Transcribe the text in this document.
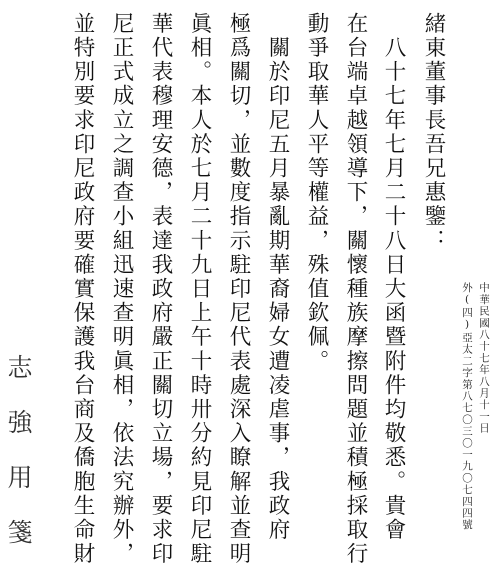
緒東董事長吾兄惠鑒：
　八十七年七月二十八日大函暨附件均敬悉。貴會
在台端卓越領導下，關懷種族摩擦問題並積極採取行
動爭取華人平等權益，殊值欽佩。
　關於印尼五月暴亂期華裔婦女遭凌虐事，我政府
極爲關切，並數度指示駐印尼代表處深入瞭解並查明
眞相。本人於七月二十九日上午十時卅分約見印尼駐
華代表穆理安德，表達我政府嚴正關切立場，要求印
尼正式成立之調查小組迅速查明眞相，依法究辦外，
並特別要求印尼政府要確實保護我台商及僑胞生命財	中華民國八十七年八月十一日
外(四)亞太二字第八七〇三〇一九〇七四四號
志強用箋
